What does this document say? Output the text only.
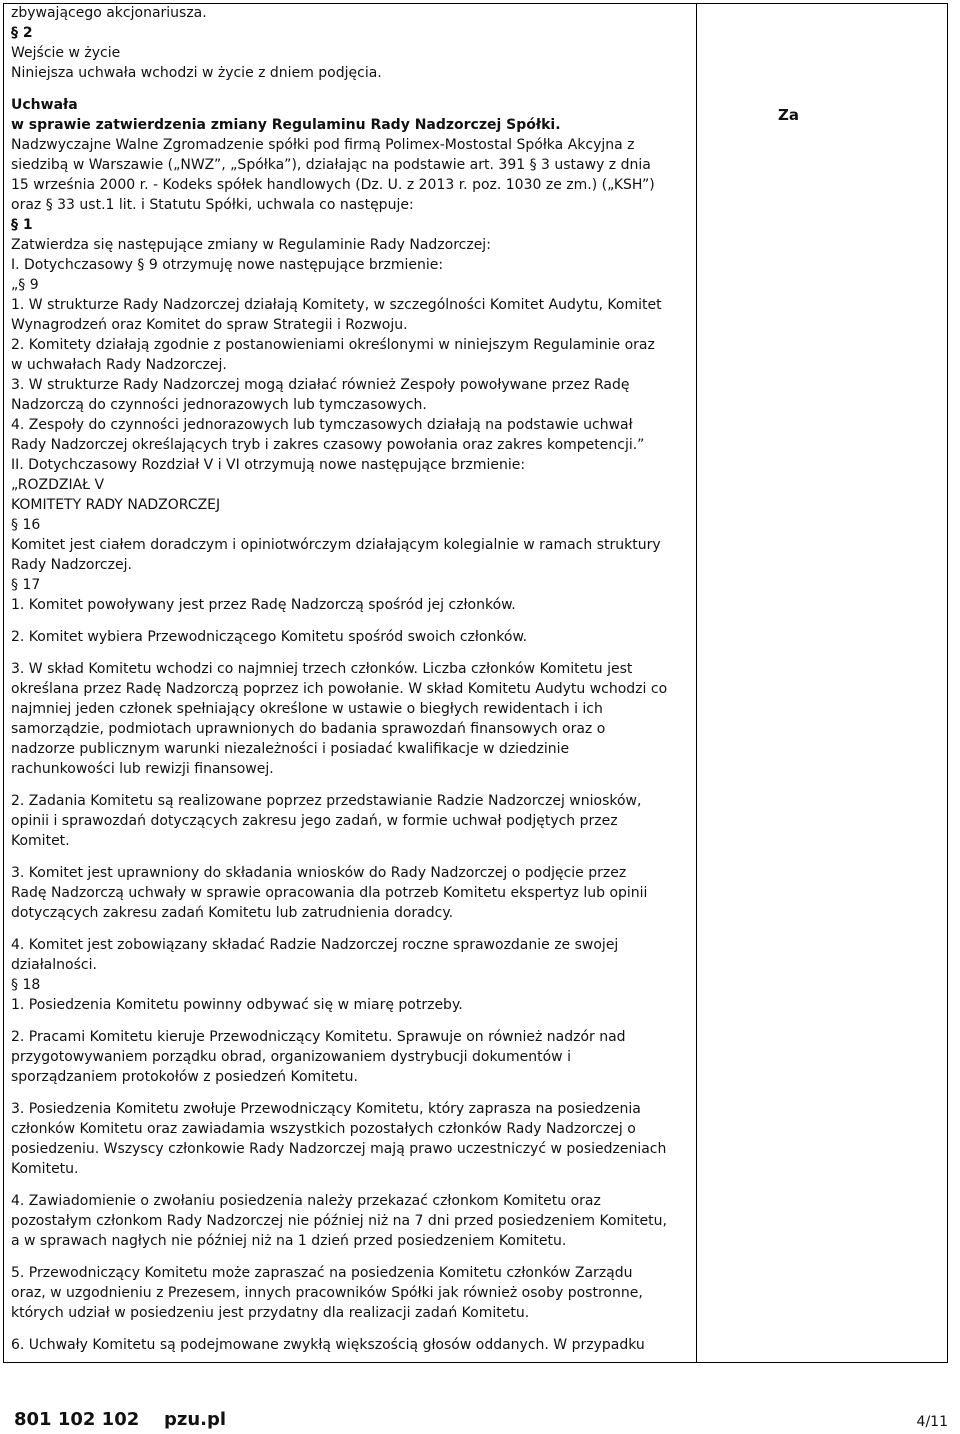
zbywającego akcjonariusza.

§ 2

Wejście w życie

Niniejsza uchwała wchodzi w życie z dniem podjęcia.

Uchwała

w sprawie zatwierdzenia zmiany Regulaminu Rady Nadzorczej Spółki.

Nadzwyczajne Walne Zgromadzenie spółki pod firmą Polimex-Mostostal Spółka Akcyjna z

siedzibą w Warszawie („NWZ”, „Spółka”), działając na podstawie art. 391 § 3 ustawy z dnia

15 września 2000 r. - Kodeks spółek handlowych (Dz. U. z 2013 r. poz. 1030 ze zm.) („KSH”)

oraz § 33 ust.1 lit. i Statutu Spółki, uchwala co następuje:

§ 1

Zatwierdza się następujące zmiany w Regulaminie Rady Nadzorczej:

I. Dotychczasowy § 9 otrzymuję nowe następujące brzmienie:

„§ 9

1. W strukturze Rady Nadzorczej działają Komitety, w szczególności Komitet Audytu, Komitet

Wynagrodzeń oraz Komitet do spraw Strategii i Rozwoju.

2. Komitety działają zgodnie z postanowieniami określonymi w niniejszym Regulaminie oraz

w uchwałach Rady Nadzorczej.

3. W strukturze Rady Nadzorczej mogą działać również Zespoły powoływane przez Radę

Nadzorczą do czynności jednorazowych lub tymczasowych.

4. Zespoły do czynności jednorazowych lub tymczasowych działają na podstawie uchwał

Rady Nadzorczej określających tryb i zakres czasowy powołania oraz zakres kompetencji.”

II. Dotychczasowy Rozdział V i VI otrzymują nowe następujące brzmienie:

„ROZDZIAŁ V

KOMITETY RADY NADZORCZEJ

§ 16

Komitet jest ciałem doradczym i opiniotwórczym działającym kolegialnie w ramach struktury

Rady Nadzorczej.

§ 17

1. Komitet powoływany jest przez Radę Nadzorczą spośród jej członków.

2. Komitet wybiera Przewodniczącego Komitetu spośród swoich członków.

3. W skład Komitetu wchodzi co najmniej trzech członków. Liczba członków Komitetu jest

określana przez Radę Nadzorczą poprzez ich powołanie. W skład Komitetu Audytu wchodzi co

najmniej jeden członek spełniający określone w ustawie o biegłych rewidentach i ich

samorządzie, podmiotach uprawnionych do badania sprawozdań finansowych oraz o

nadzorze publicznym warunki niezależności i posiadać kwalifikacje w dziedzinie

rachunkowości lub rewizji finansowej.

2. Zadania Komitetu są realizowane poprzez przedstawianie Radzie Nadzorczej wniosków,

opinii i sprawozdań dotyczących zakresu jego zadań, w formie uchwał podjętych przez

Komitet.

3. Komitet jest uprawniony do składania wniosków do Rady Nadzorczej o podjęcie przez

Radę Nadzorczą uchwały w sprawie opracowania dla potrzeb Komitetu ekspertyz lub opinii

dotyczących zakresu zadań Komitetu lub zatrudnienia doradcy.

4. Komitet jest zobowiązany składać Radzie Nadzorczej roczne sprawozdanie ze swojej

działalności.

§ 18

1. Posiedzenia Komitetu powinny odbywać się w miarę potrzeby.

2. Pracami Komitetu kieruje Przewodniczący Komitetu. Sprawuje on również nadzór nad

przygotowywaniem porządku obrad, organizowaniem dystrybucji dokumentów i

sporządzaniem protokołów z posiedzeń Komitetu.

3. Posiedzenia Komitetu zwołuje Przewodniczący Komitetu, który zaprasza na posiedzenia

członków Komitetu oraz zawiadamia wszystkich pozostałych członków Rady Nadzorczej o

posiedzeniu. Wszyscy członkowie Rady Nadzorczej mają prawo uczestniczyć w posiedzeniach

Komitetu.

4. Zawiadomienie o zwołaniu posiedzenia należy przekazać członkom Komitetu oraz

pozostałym członkom Rady Nadzorczej nie później niż na 7 dni przed posiedzeniem Komitetu,

a w sprawach nagłych nie później niż na 1 dzień przed posiedzeniem Komitetu.

5. Przewodniczący Komitetu może zapraszać na posiedzenia Komitetu członków Zarządu

oraz, w uzgodnieniu z Prezesem, innych pracowników Spółki jak również osoby postronne,

których udział w posiedzeniu jest przydatny dla realizacji zadań Komitetu.

6. Uchwały Komitetu są podejmowane zwykłą większością głosów oddanych. W przypadku

Za
801 102 102 pzu.pl	4/11
